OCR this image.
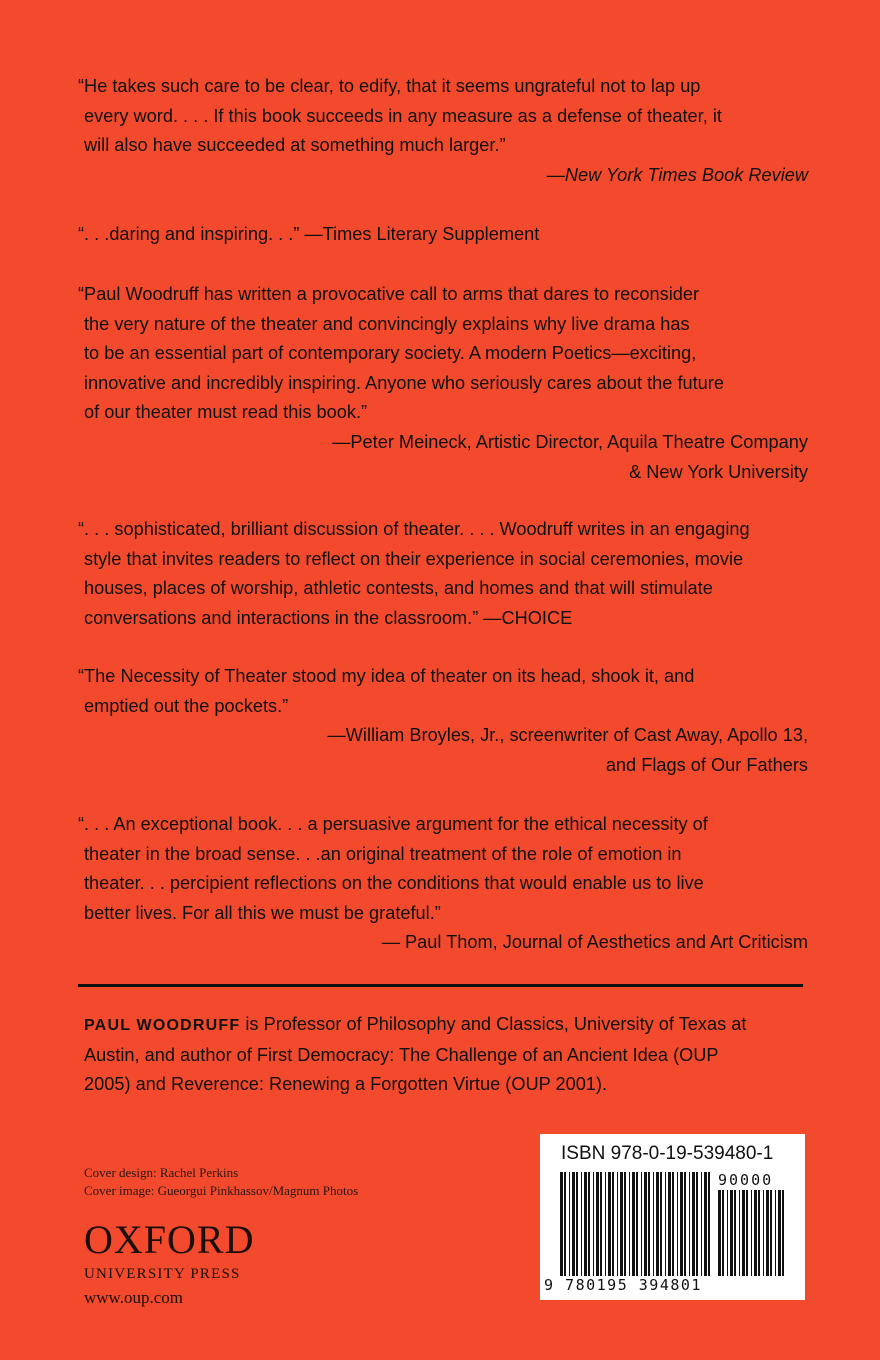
“He takes such care to be clear, to edify, that it seems ungrateful not to lap up
every word. . . . If this book succeeds in any measure as a defense of theater, it
will also have succeeded at something much larger.”
—New York Times Book Review
“. . .daring and inspiring. . .” —Times Literary Supplement
“Paul Woodruff has written a provocative call to arms that dares to reconsider
the very nature of the theater and convincingly explains why live drama has
to be an essential part of contemporary society. A modern Poetics—exciting,
innovative and incredibly inspiring. Anyone who seriously cares about the future
of our theater must read this book.”
—Peter Meineck, Artistic Director, Aquila Theatre Company
& New York University
“. . . sophisticated, brilliant discussion of theater. . . . Woodruff writes in an engaging
style that invites readers to reflect on their experience in social ceremonies, movie
houses, places of worship, athletic contests, and homes and that will stimulate
conversations and interactions in the classroom.” —CHOICE
“The Necessity of Theater stood my idea of theater on its head, shook it, and
emptied out the pockets.”
—William Broyles, Jr., screenwriter of Cast Away, Apollo 13,
and Flags of Our Fathers
“. . . An exceptional book. . . a persuasive argument for the ethical necessity of
theater in the broad sense. . .an original treatment of the role of emotion in
theater. . . percipient reflections on the conditions that would enable us to live
better lives. For all this we must be grateful.”
— Paul Thom, Journal of Aesthetics and Art Criticism
PAUL WOODRUFF is Professor of Philosophy and Classics, University of Texas at
Austin, and author of First Democracy: The Challenge of an Ancient Idea (OUP
2005) and Reverence: Renewing a Forgotten Virtue (OUP 2001).
Cover design: Rachel Perkins
Cover image: Gueorgui Pinkhassov/Magnum Photos
OXFORD
UNIVERSITY PRESS
www.oup.com
ISBN 978-0-19-539480-1
90000
9 780195 394801
